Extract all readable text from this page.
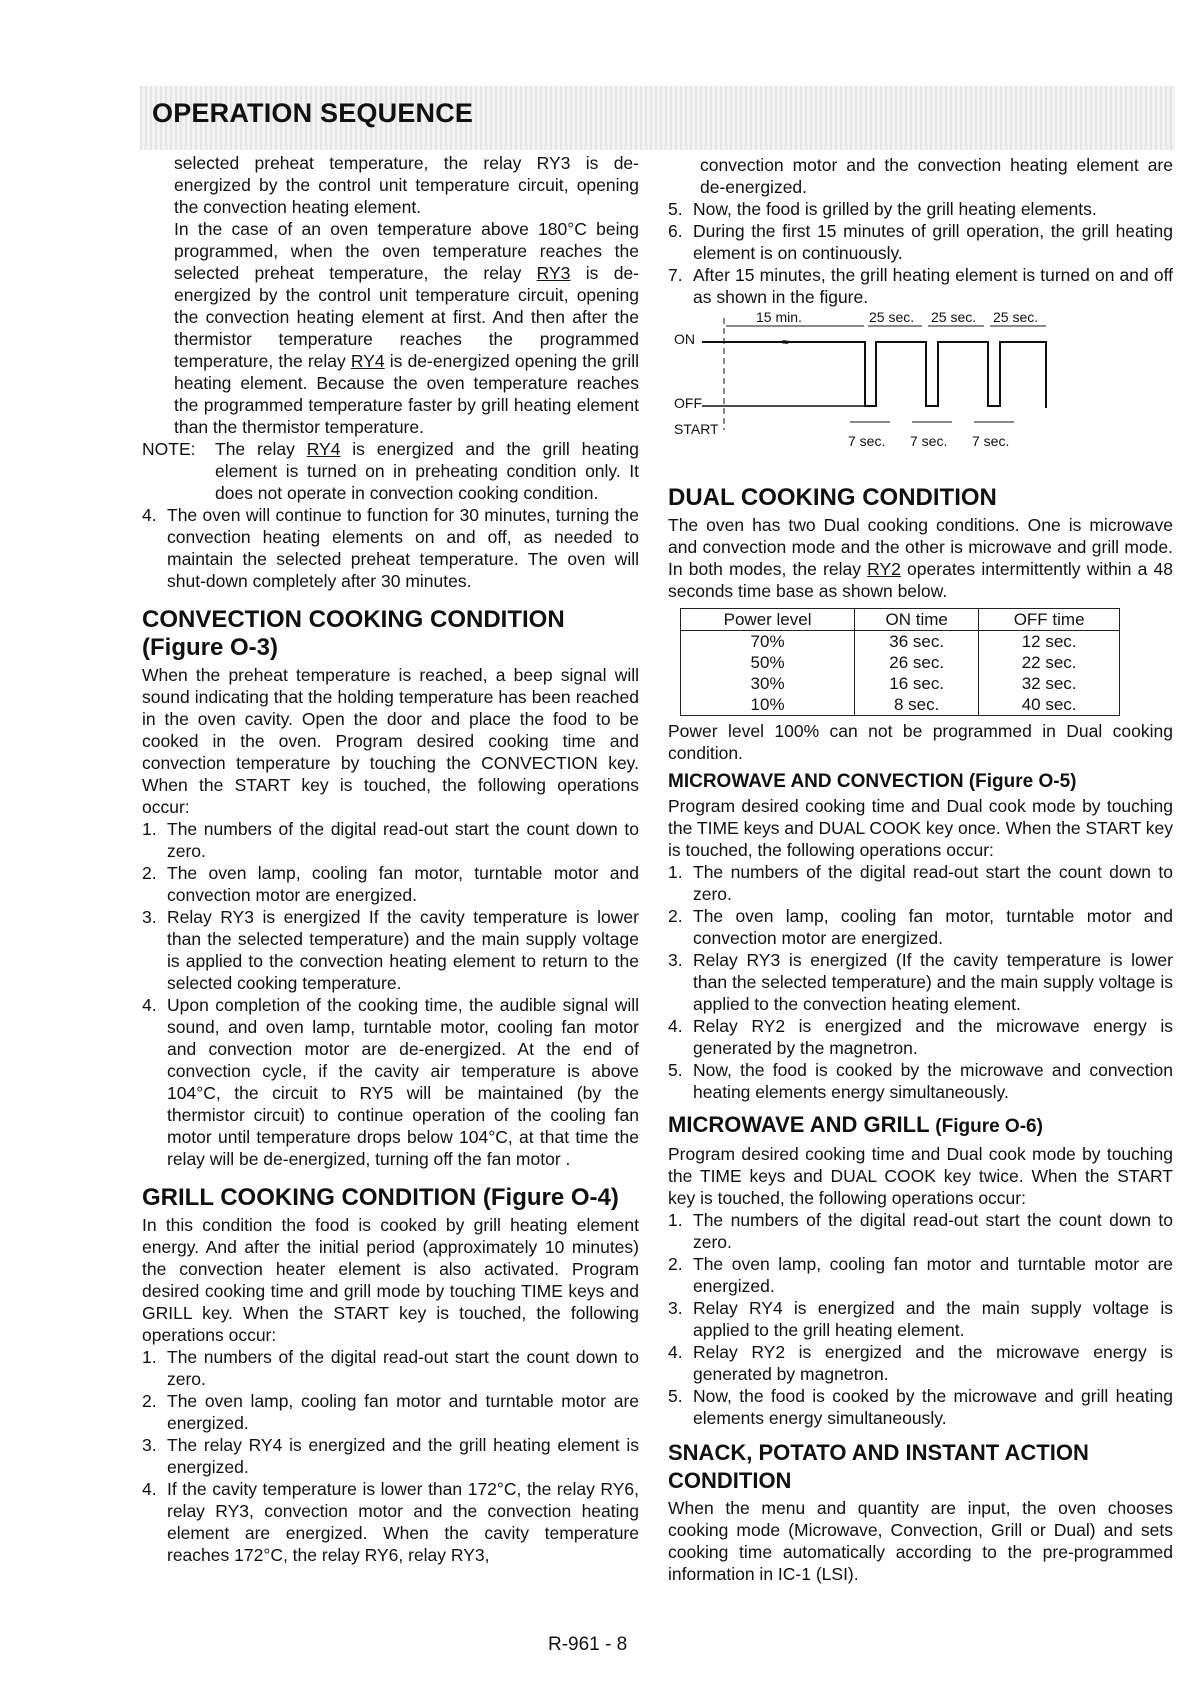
OPERATION SEQUENCE

selected preheat temperature, the relay RY3 is de-energized by the control unit temperature circuit, opening the convection heating element.

In the case of an oven temperature above 180°C being programmed, when the oven temperature reaches the selected preheat temperature, the relay RY3 is de-energized by the control unit temperature circuit, opening the convection heating element at first. And then after the thermistor temperature reaches the programmed temperature, the relay RY4 is de-energized opening the grill heating element. Because the oven temperature reaches the programmed temperature faster by grill heating element than the thermistor temperature.

NOTE:	The relay RY4 is energized and the grill heating element is turned on in preheating condition only. It does not operate in convection cooking condition.
4. The oven will continue to function for 30 minutes, turning the convection heating elements on and off, as needed to maintain the selected preheat temperature. The oven will shut-down completely after 30 minutes.
CONVECTION COOKING CONDITION
(Figure O-3)

When the preheat temperature is reached, a beep signal will sound indicating that the holding temperature has been reached in the oven cavity. Open the door and place the food to be cooked in the oven. Program desired cooking time and convection temperature by touching the CONVECTION key. When the START key is touched, the following operations occur:

1. The numbers of the digital read-out start the count down to zero.
2. The oven lamp, cooling fan motor, turntable motor and convection motor are energized.
3. Relay RY3 is energized If the cavity temperature is lower than the selected temperature) and the main supply voltage is applied to the convection heating element to return to the selected cooking temperature.
4. Upon completion of the cooking time, the audible signal will sound, and oven lamp, turntable motor, cooling fan motor and convection motor are de-energized. At the end of convection cycle, if the cavity air temperature is above 104°C, the circuit to RY5 will be maintained (by the thermistor circuit) to continue operation of the cooling fan motor until temperature drops below 104°C, at that time the relay will be de-energized, turning off the fan motor .
GRILL COOKING CONDITION (Figure O-4)

In this condition the food is cooked by grill heating element energy. And after the initial period (approximately 10 minutes) the convection heater element is also activated. Program desired cooking time and grill mode by touching TIME keys and GRILL key. When the START key is touched, the following operations occur:

1. The numbers of the digital read-out start the count down to zero.
2. The oven lamp, cooling fan motor and turntable motor are energized.
3. The relay RY4 is energized and the grill heating element is energized.
4. If the cavity temperature is lower than 172°C, the relay RY6, relay RY3, convection motor and the convection heating element are energized. When the cavity temperature reaches 172°C, the relay RY6, relay RY3,

convection motor and the convection heating element are de-energized.

5. Now, the food is grilled by the grill heating elements.
6. During the first 15 minutes of grill operation, the grill heating element is on continuously.
7. After 15 minutes, the grill heating element is turned on and off as shown in the figure.
15 min.	25 sec. 25 sec. 25 sec.
ON
OFF
START
≈
7 sec. 7 sec. 7 sec.
DUAL COOKING CONDITION

The oven has two Dual cooking conditions. One is microwave and convection mode and the other is microwave and grill mode. In both modes, the relay RY2 operates intermittently within a 48 seconds time base as shown below.

Power level	ON time	OFF time
70%	36 sec.	12 sec.
50%	26 sec.	22 sec.
30%	16 sec.	32 sec.
10%	8 sec.	40 sec.

Power level 100% can not be programmed in Dual cooking condition.

MICROWAVE AND CONVECTION (Figure O-5)

Program desired cooking time and Dual cook mode by touching the TIME keys and DUAL COOK key once. When the START key is touched, the following operations occur:

1. The numbers of the digital read-out start the count down to zero.
2. The oven lamp, cooling fan motor, turntable motor and convection motor are energized.
3. Relay RY3 is energized (If the cavity temperature is lower than the selected temperature) and the main supply voltage is applied to the convection heating element.
4. Relay RY2 is energized and the microwave energy is generated by the magnetron.
5. Now, the food is cooked by the microwave and convection heating elements energy simultaneously.
MICROWAVE AND GRILL (Figure O-6)

Program desired cooking time and Dual cook mode by touching the TIME keys and DUAL COOK key twice. When the START key is touched, the following operations occur:

1. The numbers of the digital read-out start the count down to zero.
2. The oven lamp, cooling fan motor and turntable motor are energized.
3. Relay RY4 is energized and the main supply voltage is applied to the grill heating element.
4. Relay RY2 is energized and the microwave energy is generated by magnetron.
5. Now, the food is cooked by the microwave and grill heating elements energy simultaneously.
SNACK, POTATO AND INSTANT ACTION CONDITION

When the menu and quantity are input, the oven chooses cooking mode (Microwave, Convection, Grill or Dual) and sets cooking time automatically according to the pre-programmed information in IC-1 (LSI).

R-961 - 8
